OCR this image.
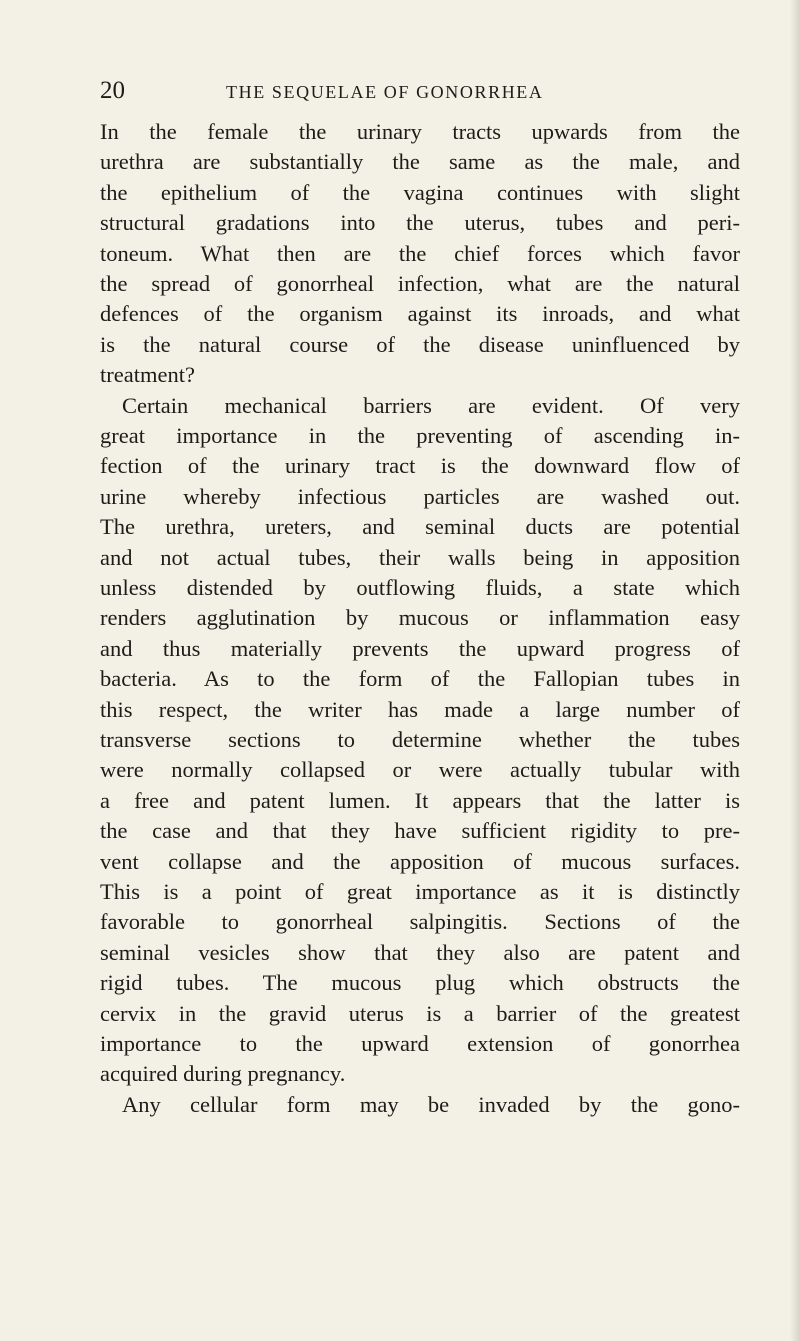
20	THE SEQUELAE OF GONORRHEA
In the female the urinary tracts upwards from the
urethra are substantially the same as the male, and
the epithelium of the vagina continues with slight
structural gradations into the uterus, tubes and peri-
toneum. What then are the chief forces which favor
the spread of gonorrheal infection, what are the natural
defences of the organism against its inroads, and what
is the natural course of the disease uninfluenced by
treatment?
Certain mechanical barriers are evident. Of very
great importance in the preventing of ascending in-
fection of the urinary tract is the downward flow of
urine whereby infectious particles are washed out.
The urethra, ureters, and seminal ducts are potential
and not actual tubes, their walls being in apposition
unless distended by outflowing fluids, a state which
renders agglutination by mucous or inflammation easy
and thus materially prevents the upward progress of
bacteria. As to the form of the Fallopian tubes in
this respect, the writer has made a large number of
transverse sections to determine whether the tubes
were normally collapsed or were actually tubular with
a free and patent lumen. It appears that the latter is
the case and that they have sufficient rigidity to pre-
vent collapse and the apposition of mucous surfaces.
This is a point of great importance as it is distinctly
favorable to gonorrheal salpingitis. Sections of the
seminal vesicles show that they also are patent and
rigid tubes. The mucous plug which obstructs the
cervix in the gravid uterus is a barrier of the greatest
importance to the upward extension of gonorrhea
acquired during pregnancy.
Any cellular form may be invaded by the gono-
